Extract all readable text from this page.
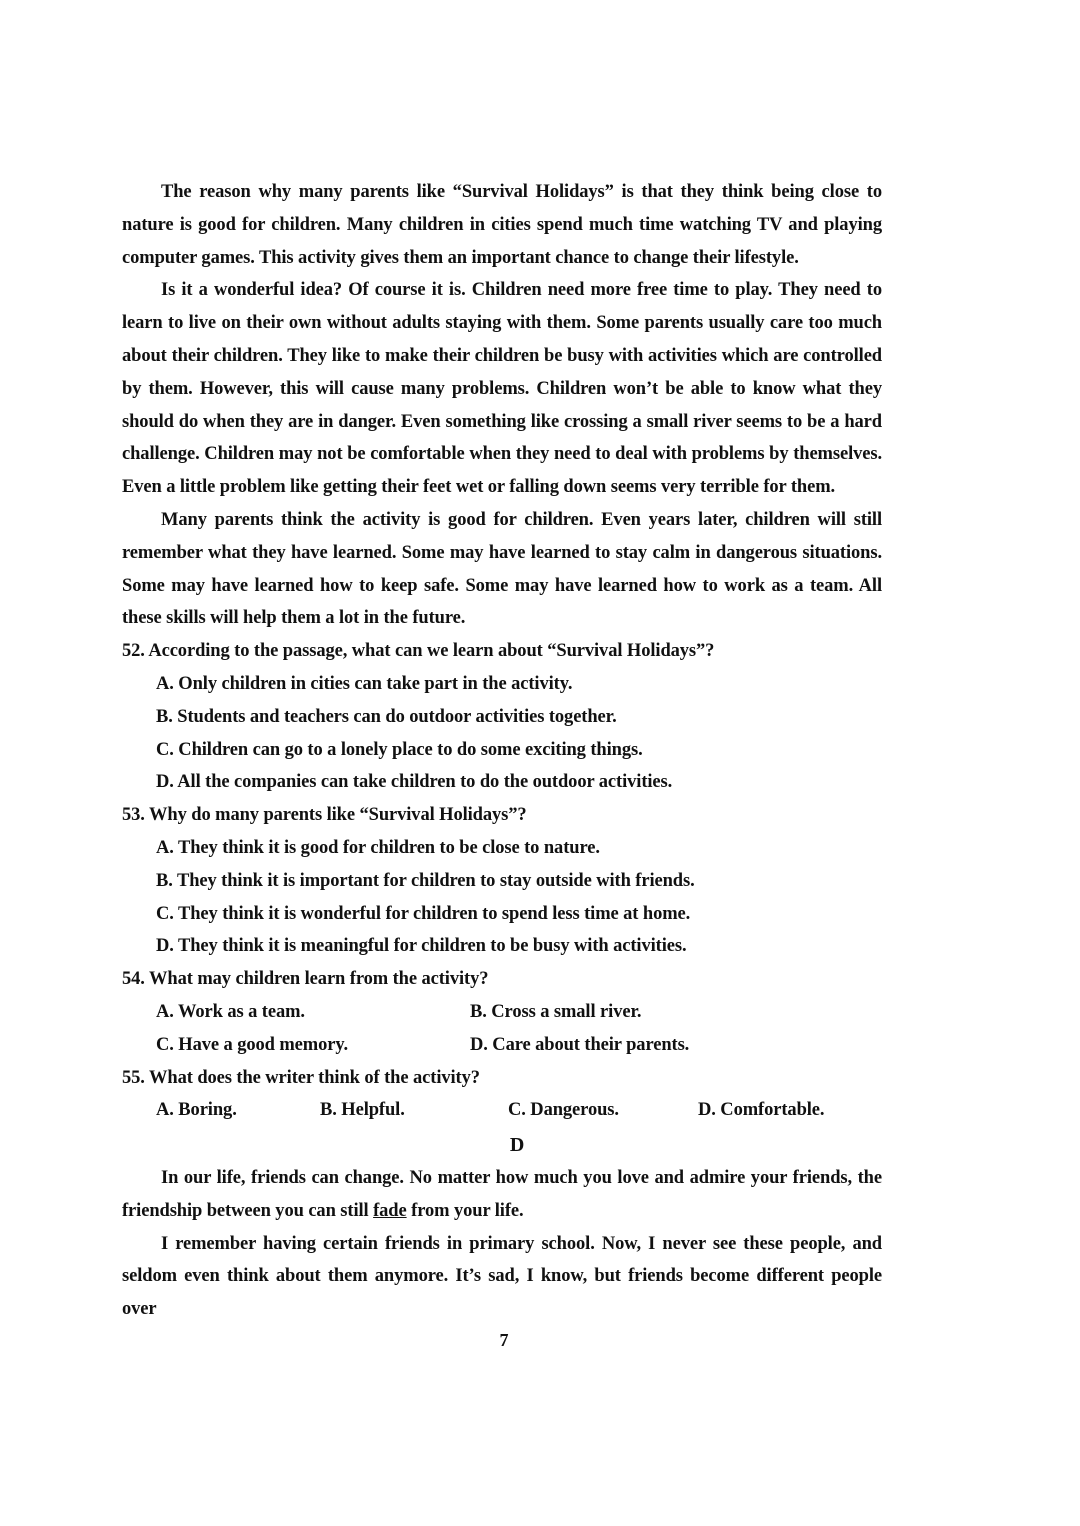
The reason why many parents like “Survival Holidays” is that they think being close to nature is good for children. Many children in cities spend much time watching TV and playing computer games. This activity gives them an important chance to change their lifestyle.

Is it a wonderful idea? Of course it is. Children need more free time to play. They need to learn to live on their own without adults staying with them. Some parents usually care too much about their children. They like to make their children be busy with activities which are controlled by them. However, this will cause many problems. Children won’t be able to know what they should do when they are in danger. Even something like crossing a small river seems to be a hard challenge. Children may not be comfortable when they need to deal with problems by themselves. Even a little problem like getting their feet wet or falling down seems very terrible for them.

Many parents think the activity is good for children. Even years later, children will still remember what they have learned. Some may have learned to stay calm in dangerous situations. Some may have learned how to keep safe. Some may have learned how to work as a team. All these skills will help them a lot in the future.

52. According to the passage, what can we learn about “Survival Holidays”?

A. Only children in cities can take part in the activity.

B. Students and teachers can do outdoor activities together.

C. Children can go to a lonely place to do some exciting things.

D. All the companies can take children to do the outdoor activities.

53. Why do many parents like “Survival Holidays”?

A. They think it is good for children to be close to nature.

B. They think it is important for children to stay outside with friends.

C. They think it is wonderful for children to spend less time at home.

D. They think it is meaningful for children to be busy with activities.

54. What may children learn from the activity?

A. Work as a team.	B. Cross a small river.
C. Have a good memory.	D. Care about their parents.

55. What does the writer think of the activity?

A. Boring.	B. Helpful.	C. Dangerous.	D. Comfortable.

D

In our life, friends can change. No matter how much you love and admire your friends, the friendship between you can still fade from your life.

I remember having certain friends in primary school. Now, I never see these people, and seldom even think about them anymore. It’s sad, I know, but friends become different people over

7
